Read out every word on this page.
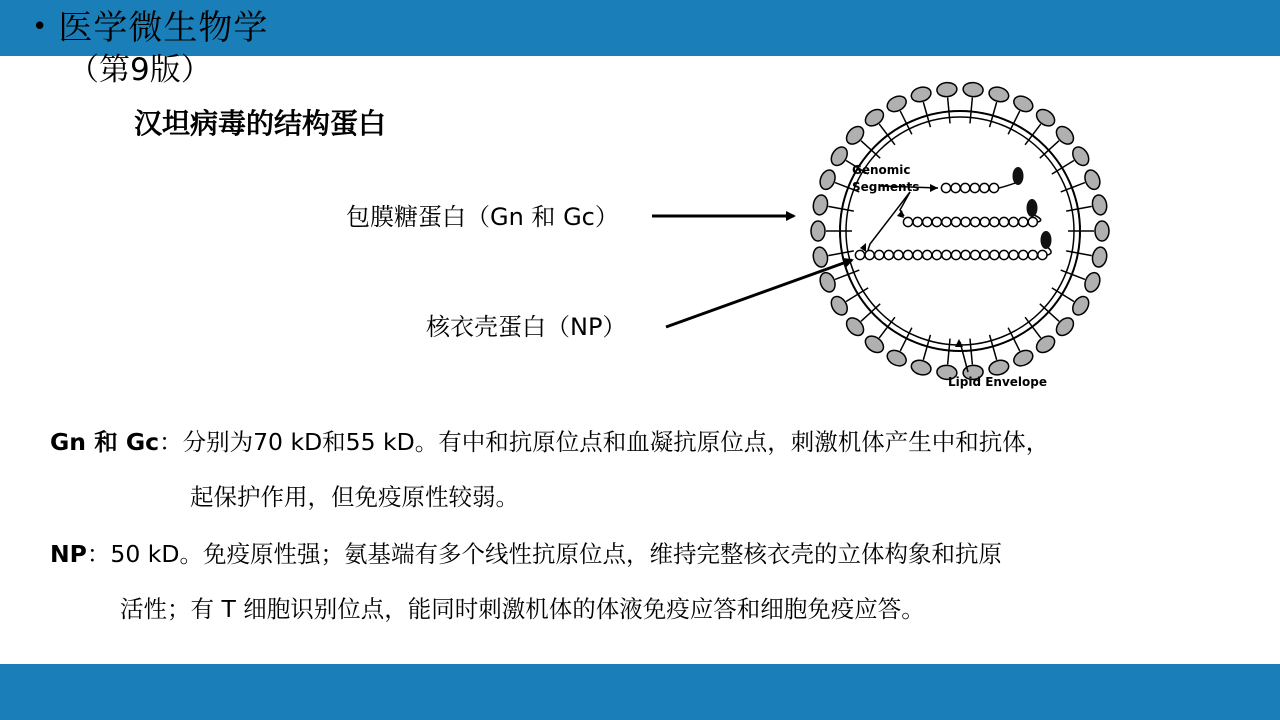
• 医学微生物学
（第9版）
汉坦病毒的结构蛋白
包膜糖蛋白（Gn 和 Gc）
核衣壳蛋白（NP）
Genomic
Segments
Lipid Envelope
Gn 和 Gc：分别为70 kD和55 kD。有中和抗原位点和血凝抗原位点，刺激机体产生中和抗体，
起保护作用，但免疫原性较弱。
NP：50 kD。免疫原性强；氨基端有多个线性抗原位点，维持完整核衣壳的立体构象和抗原
活性；有 T 细胞识别位点，能同时刺激机体的体液免疫应答和细胞免疫应答。
